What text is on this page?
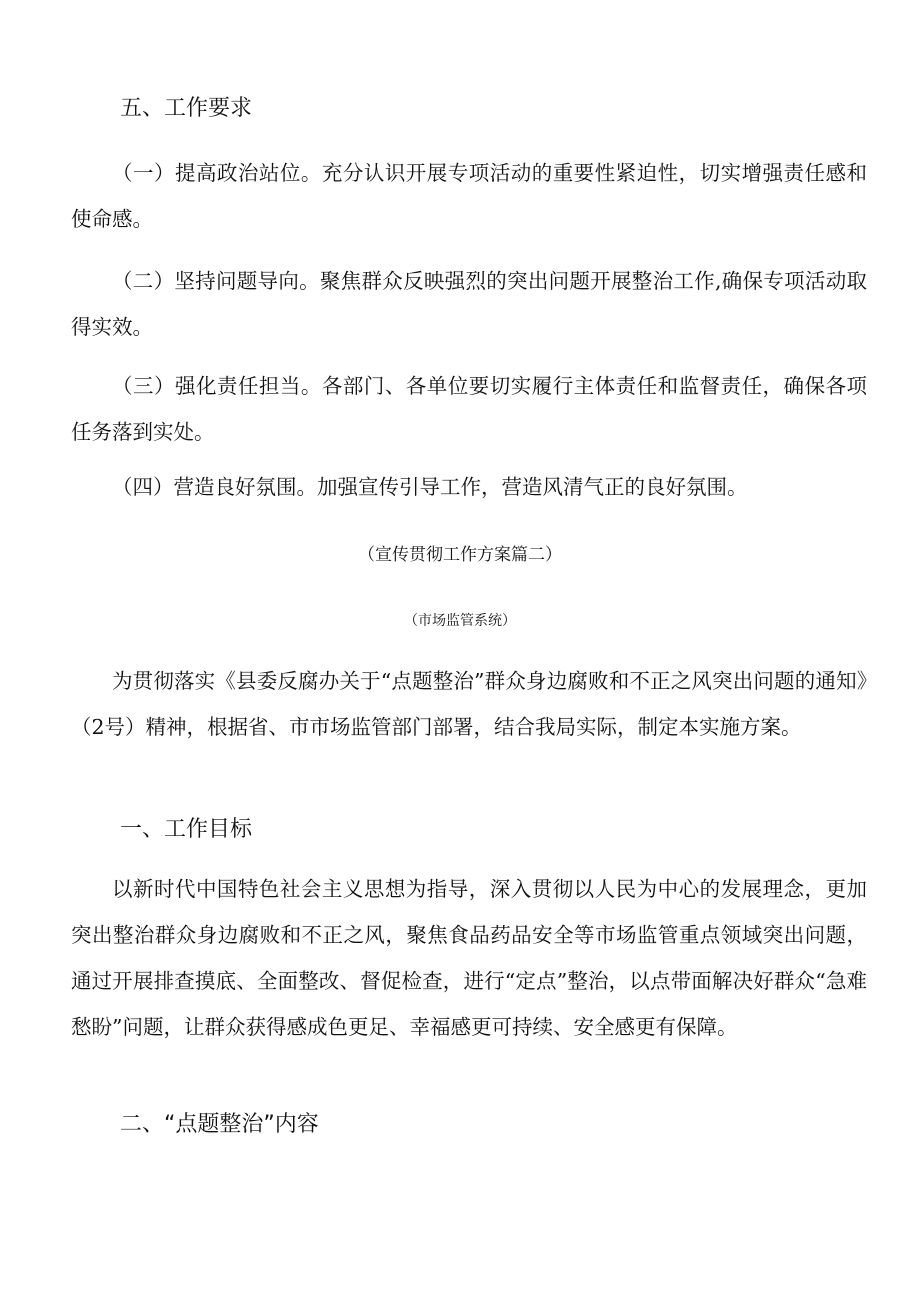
五、工作要求

（一）提高政治站位。充分认识开展专项活动的重要性紧迫性，切实增强责任感和使命感。

（二）坚持问题导向。聚焦群众反映强烈的突出问题开展整治工作,确保专项活动取得实效。

（三）强化责任担当。各部门、各单位要切实履行主体责任和监督责任，确保各项任务落到实处。

（四）营造良好氛围。加强宣传引导工作，营造风清气正的良好氛围。

（宣传贯彻工作方案篇二）
（市场监管系统）

为贯彻落实《县委反腐办关于“点题整治”群众身边腐败和不正之风突出问题的通知》（2号）精神，根据省、市市场监管部门部署，结合我局实际，制定本实施方案。

一、工作目标

以新时代中国特色社会主义思想为指导，深入贯彻以人民为中心的发展理念，更加突出整治群众身边腐败和不正之风，聚焦食品药品安全等市场监管重点领域突出问题，通过开展排查摸底、全面整改、督促检查，进行“定点”整治，以点带面解决好群众“急难愁盼”问题，让群众获得感成色更足、幸福感更可持续、安全感更有保障。

二、“点题整治”内容
